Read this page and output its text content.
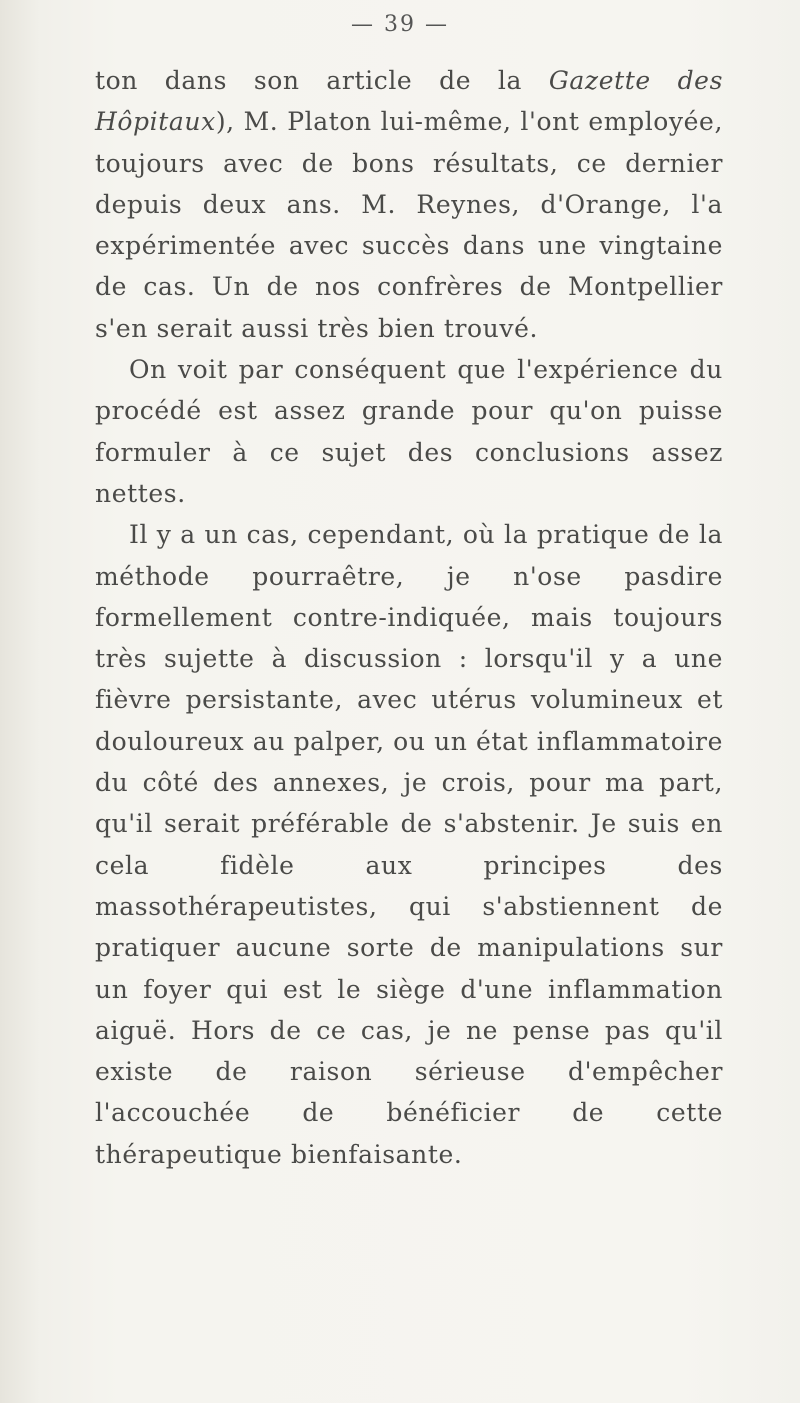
— 39 —

ton dans son article de la Gazette des Hôpitaux), M. Platon lui-même, l'ont employée, toujours avec de bons résultats, ce dernier depuis deux ans. M. Reynes, d'Orange, l'a expérimentée avec succès dans une vingtaine de cas. Un de nos confrères de Montpellier s'en serait aussi très bien trouvé.

On voit par conséquent que l'expérience du procédé est assez grande pour qu'on puisse formuler à ce sujet des conclusions assez nettes.

Il y a un cas, cependant, où la pratique de la méthode pourraêtre, je n'ose pasdire formellement contre-indiquée, mais toujours très sujette à discussion : lorsqu'il y a une fièvre persistante, avec utérus volumineux et douloureux au palper, ou un état inflammatoire du côté des annexes, je crois, pour ma part, qu'il serait préférable de s'abstenir. Je suis en cela fidèle aux principes des massothérapeutistes, qui s'abstiennent de pratiquer aucune sorte de manipulations sur un foyer qui est le siège d'une inflammation aiguë. Hors de ce cas, je ne pense pas qu'il existe de raison sérieuse d'empêcher l'accouchée de bénéficier de cette thérapeutique bienfaisante.
